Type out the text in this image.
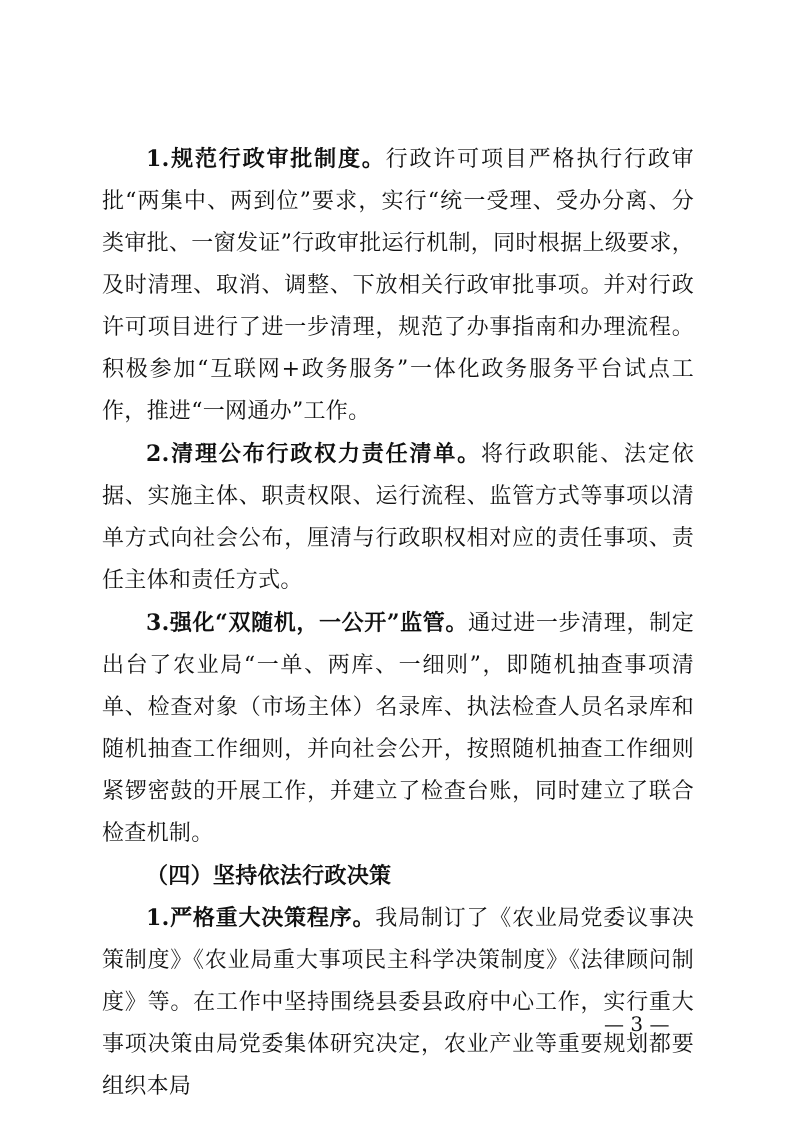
1.规范行政审批制度。行政许可项目严格执行行政审批“两集中、两到位”要求，实行“统一受理、受办分离、分类审批、一窗发证”行政审批运行机制，同时根据上级要求，及时清理、取消、调整、下放相关行政审批事项。并对行政许可项目进行了进一步清理，规范了办事指南和办理流程。积极参加“互联网+政务服务”一体化政务服务平台试点工作，推进“一网通办”工作。

2.清理公布行政权力责任清单。将行政职能、法定依据、实施主体、职责权限、运行流程、监管方式等事项以清单方式向社会公布，厘清与行政职权相对应的责任事项、责任主体和责任方式。

3.强化“双随机，一公开”监管。通过进一步清理，制定出台了农业局“一单、两库、一细则”，即随机抽查事项清单、检查对象（市场主体）名录库、执法检查人员名录库和随机抽查工作细则，并向社会公开，按照随机抽查工作细则紧锣密鼓的开展工作，并建立了检查台账，同时建立了联合检查机制。

（四）坚持依法行政决策

1.严格重大决策程序。我局制订了《农业局党委议事决策制度》《农业局重大事项民主科学决策制度》《法律顾问制度》等。在工作中坚持围绕县委县政府中心工作，实行重大事项决策由局党委集体研究决定，农业产业等重要规划都要组织本局

— 3 —
